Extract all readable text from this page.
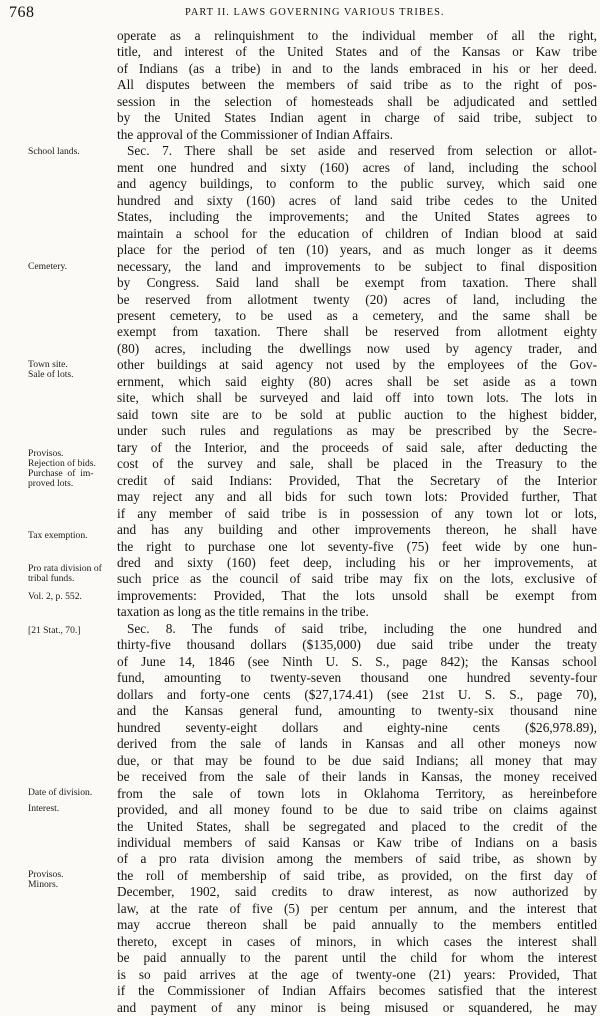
768	PART II. LAWS GOVERNING VARIOUS TRIBES.
operate as a relinquishment to the individual member of all the right,
title, and interest of the United States and of the Kansas or Kaw tribe
of Indians (as a tribe) in and to the lands embraced in his or her deed.
All disputes between the members of said tribe as to the right of pos-
session in the selection of homesteads shall be adjudicated and settled
by the United States Indian agent in charge of said tribe, subject to
the approval of the Commissioner of Indian Affairs.
Sec. 7. There shall be set aside and reserved from selection or allot-
ment one hundred and sixty (160) acres of land, including the school
and agency buildings, to conform to the public survey, which said one
hundred and sixty (160) acres of land said tribe cedes to the United
States, including the improvements; and the United States agrees to
maintain a school for the education of children of Indian blood at said
place for the period of ten (10) years, and as much longer as it deems
necessary, the land and improvements to be subject to final disposition
by Congress. Said land shall be exempt from taxation. There shall
be reserved from allotment twenty (20) acres of land, including the
present cemetery, to be used as a cemetery, and the same shall be
exempt from taxation. There shall be reserved from allotment eighty
(80) acres, including the dwellings now used by agency trader, and
other buildings at said agency not used by the employees of the Gov-
ernment, which said eighty (80) acres shall be set aside as a town
site, which shall be surveyed and laid off into town lots. The lots in
said town site are to be sold at public auction to the highest bidder,
under such rules and regulations as may be prescribed by the Secre-
tary of the Interior, and the proceeds of said sale, after deducting the
cost of the survey and sale, shall be placed in the Treasury to the
credit of said Indians: Provided, That the Secretary of the Interior
may reject any and all bids for such town lots: Provided further, That
if any member of said tribe is in possession of any town lot or lots,
and has any building and other improvements thereon, he shall have
the right to purchase one lot seventy-five (75) feet wide by one hun-
dred and sixty (160) feet deep, including his or her improvements, at
such price as the council of said tribe may fix on the lots, exclusive of
improvements: Provided, That the lots unsold shall be exempt from
taxation as long as the title remains in the tribe.
Sec. 8. The funds of said tribe, including the one hundred and
thirty-five thousand dollars ($135,000) due said tribe under the treaty
of June 14, 1846 (see Ninth U. S. S., page 842); the Kansas school
fund, amounting to twenty-seven thousand one hundred seventy-four
dollars and forty-one cents ($27,174.41) (see 21st U. S. S., page 70),
and the Kansas general fund, amounting to twenty-six thousand nine
hundred seventy-eight dollars and eighty-nine cents ($26,978.89),
derived from the sale of lands in Kansas and all other moneys now
due, or that may be found to be due said Indians; all money that may
be received from the sale of their lands in Kansas, the money received
from the sale of town lots in Oklahoma Territory, as hereinbefore
provided, and all money found to be due to said tribe on claims against
the United States, shall be segregated and placed to the credit of the
individual members of said Kansas or Kaw tribe of Indians on a basis
of a pro rata division among the members of said tribe, as shown by
the roll of membership of said tribe, as provided, on the first day of
December, 1902, said credits to draw interest, as now authorized by
law, at the rate of five (5) per centum per annum, and the interest that
may accrue thereon shall be paid annually to the members entitled
thereto, except in cases of minors, in which cases the interest shall
be paid annually to the parent until the child for whom the interest
is so paid arrives at the age of twenty-one (21) years: Provided, That
if the Commissioner of Indian Affairs becomes satisfied that the interest
and payment of any minor is being misused or squandered, he may
School lands.
Cemetery.
Town site.
Sale of lots.
Provisos.
Rejection of bids.
Purchase  of  im-
proved lots.
Tax exemption.
Pro rata division of
tribal funds.
Vol. 2, p. 552.
[21 Stat., 70.]
Date of division.
Interest.
Provisos.
Minors.
